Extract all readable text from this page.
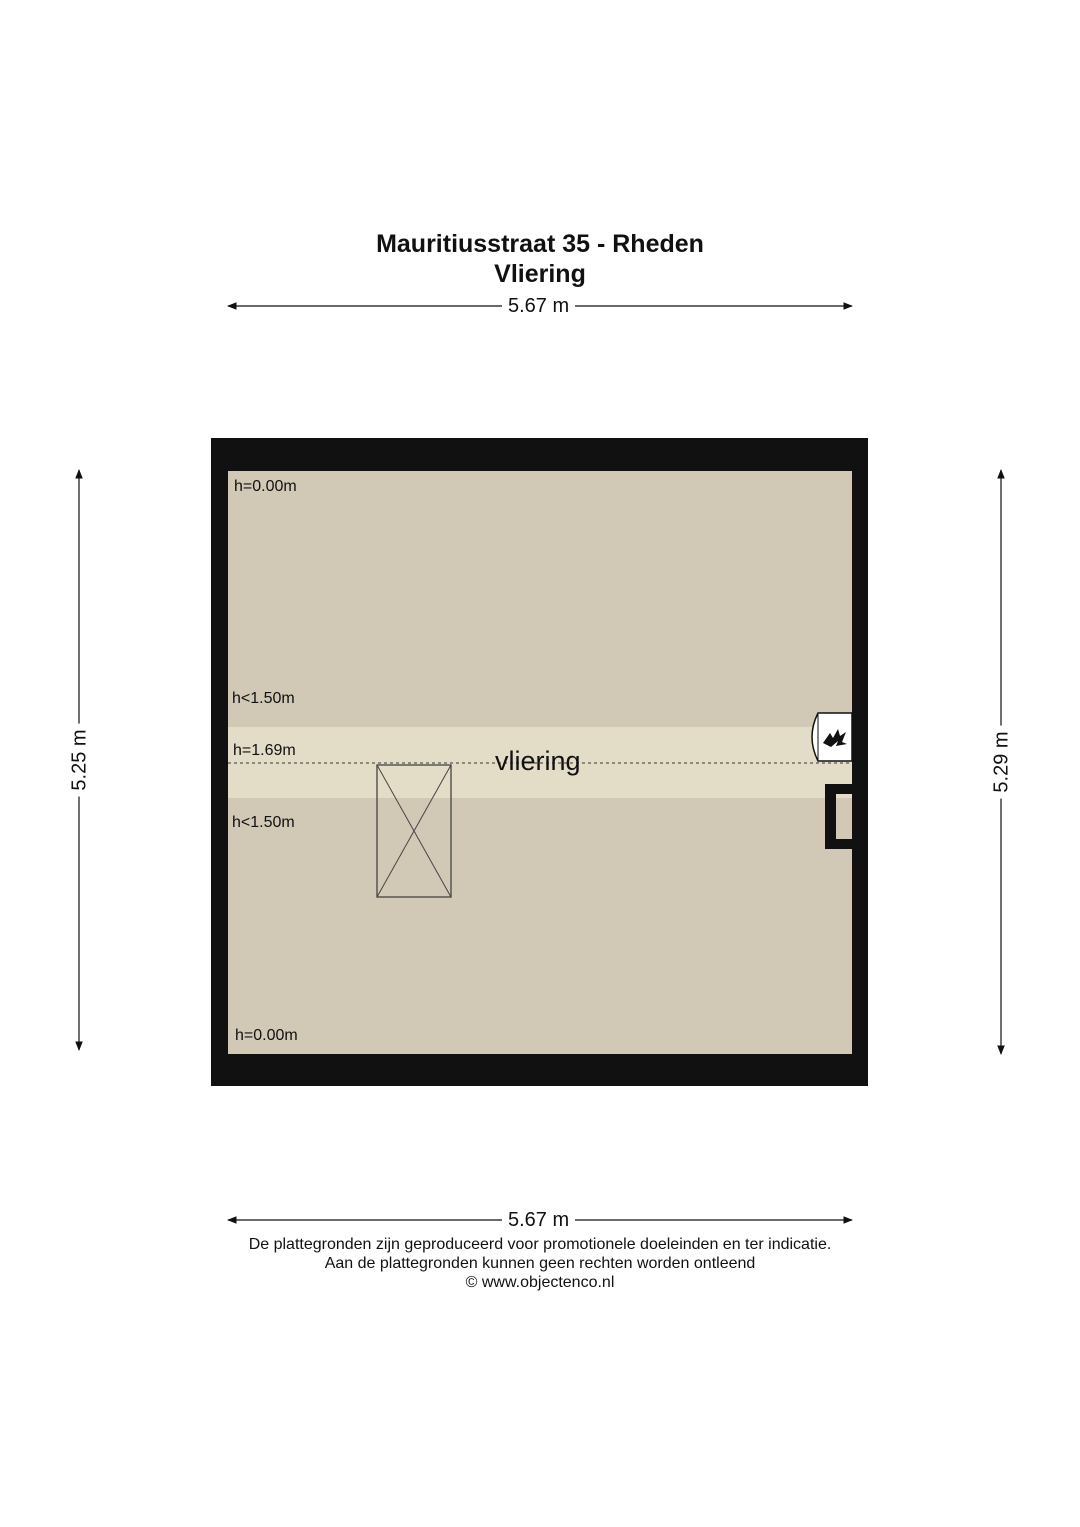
Mauritiusstraat 35 - Rheden
Vliering
5.67 m
5.67 m
5.25 m	5.29 m
h=0.00m
h<1.50m
h=1.69m
h<1.50m
h=0.00m
vliering
De plattegronden zijn geproduceerd voor promotionele doeleinden en ter indicatie.
Aan de plattegronden kunnen geen rechten worden ontleend
© www.objectenco.nl
